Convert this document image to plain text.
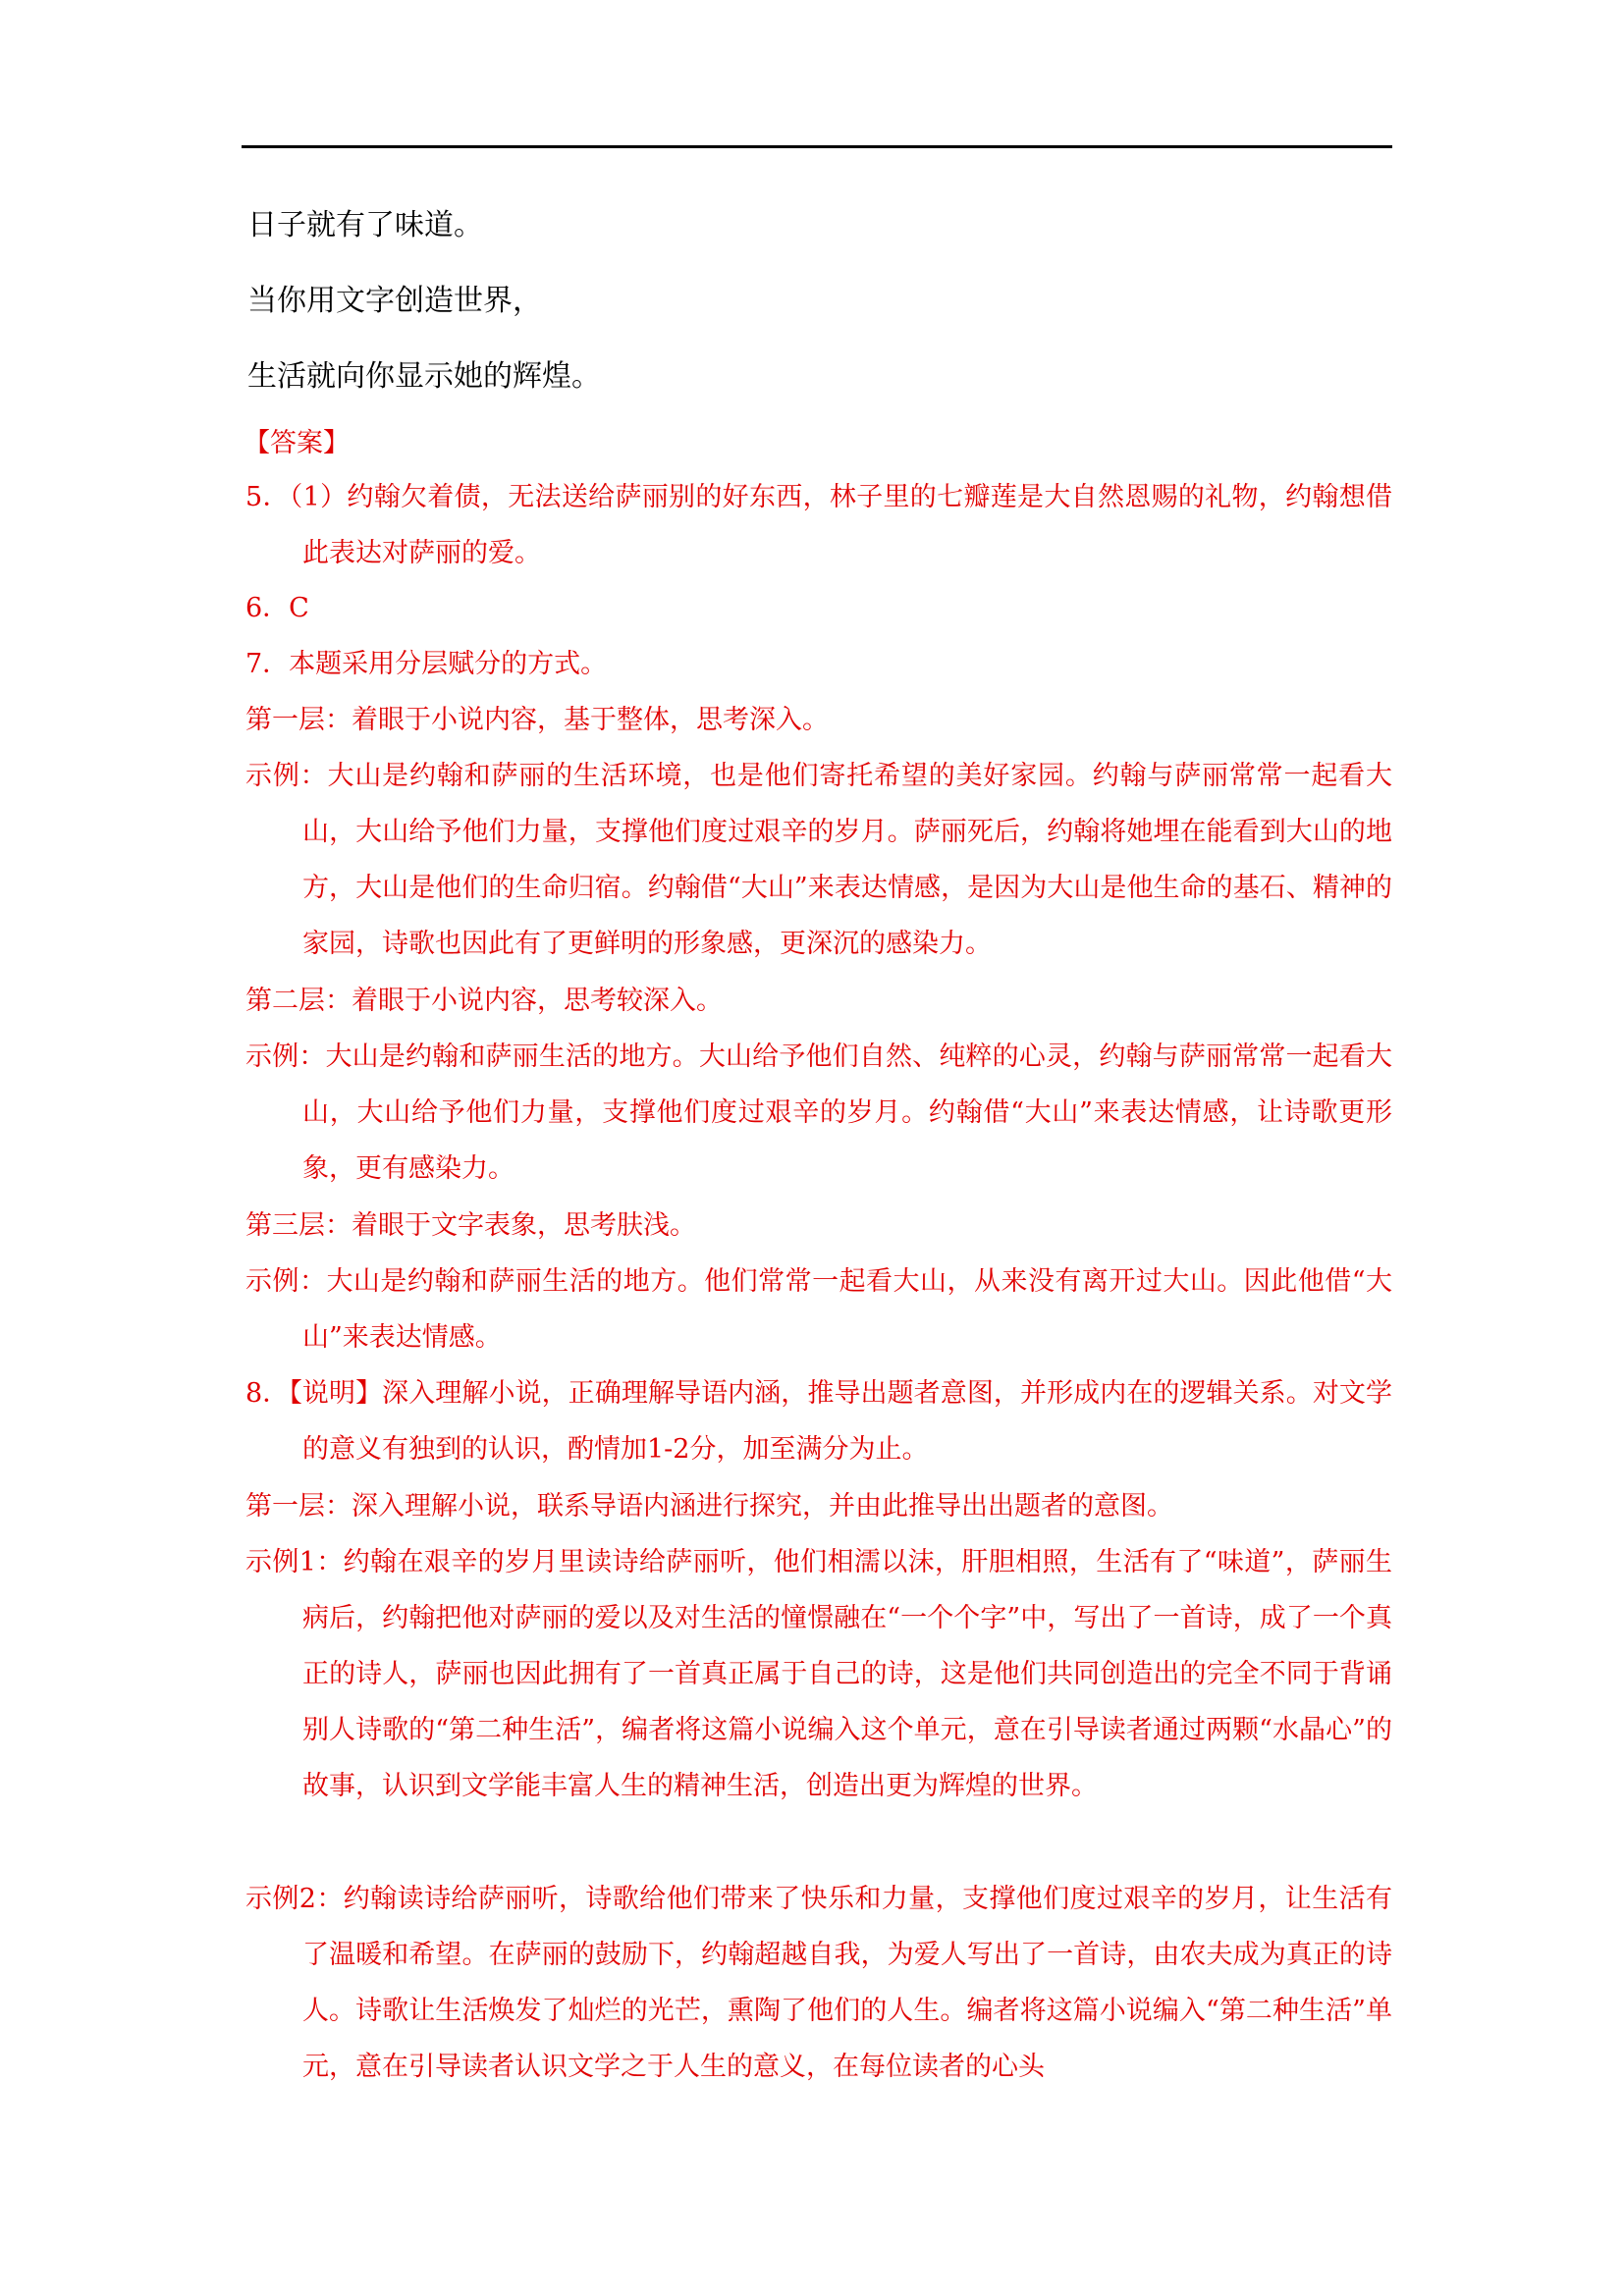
日子就有了味道。

当你用文字创造世界，

生活就向你显示她的辉煌。

【答案】

5．（1）约翰欠着债，无法送给萨丽别的好东西，林子里的七瓣莲是大自然恩赐的礼物，约翰想借此表达对萨丽的爱。

6．C

7．本题采用分层赋分的方式。

第一层：着眼于小说内容，基于整体，思考深入。

示例：大山是约翰和萨丽的生活环境，也是他们寄托希望的美好家园。约翰与萨丽常常一起看大山，大山给予他们力量，支撑他们度过艰辛的岁月。萨丽死后，约翰将她埋在能看到大山的地方，大山是他们的生命归宿。约翰借“大山”来表达情感，是因为大山是他生命的基石、精神的家园，诗歌也因此有了更鲜明的形象感，更深沉的感染力。

第二层：着眼于小说内容，思考较深入。

示例：大山是约翰和萨丽生活的地方。大山给予他们自然、纯粹的心灵，约翰与萨丽常常一起看大山，大山给予他们力量，支撑他们度过艰辛的岁月。约翰借“大山”来表达情感，让诗歌更形象，更有感染力。

第三层：着眼于文字表象，思考肤浅。

示例：大山是约翰和萨丽生活的地方。他们常常一起看大山，从来没有离开过大山。因此他借“大山”来表达情感。

8．【说明】深入理解小说，正确理解导语内涵，推导出题者意图，并形成内在的逻辑关系。对文学的意义有独到的认识，酌情加1-2分，加至满分为止。

第一层：深入理解小说，联系导语内涵进行探究，并由此推导出出题者的意图。

示例1：约翰在艰辛的岁月里读诗给萨丽听，他们相濡以沫，肝胆相照，生活有了“味道”，萨丽生病后，约翰把他对萨丽的爱以及对生活的憧憬融在“一个个字”中，写出了一首诗，成了一个真正的诗人，萨丽也因此拥有了一首真正属于自己的诗，这是他们共同创造出的完全不同于背诵别人诗歌的“第二种生活”，编者将这篇小说编入这个单元，意在引导读者通过两颗“水晶心”的故事，认识到文学能丰富人生的精神生活，创造出更为辉煌的世界。

示例2：约翰读诗给萨丽听，诗歌给他们带来了快乐和力量，支撑他们度过艰辛的岁月，让生活有了温暖和希望。在萨丽的鼓励下，约翰超越自我，为爱人写出了一首诗，由农夫成为真正的诗人。诗歌让生活焕发了灿烂的光芒，熏陶了他们的人生。编者将这篇小说编入“第二种生活”单元，意在引导读者认识文学之于人生的意义，在每位读者的心头
